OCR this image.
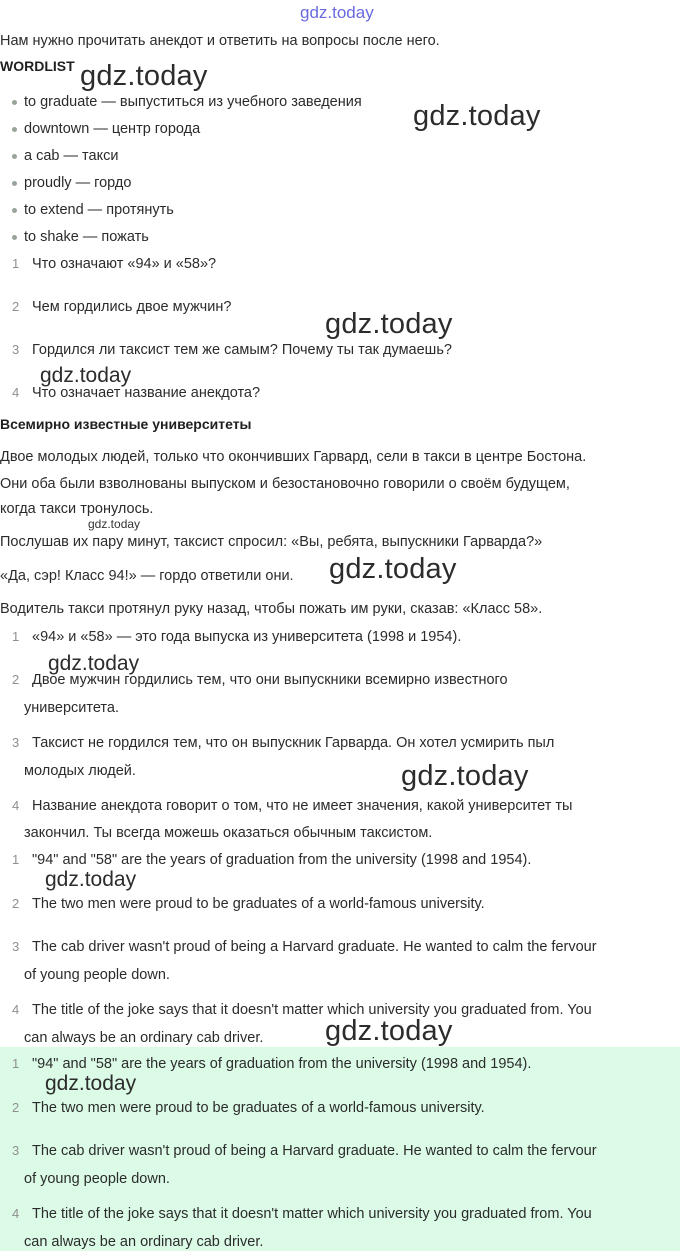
gdz.today
Нам нужно прочитать анекдот и ответить на вопросы после него.
WORDLIST
to graduate — выпуститься из учебного заведения
downtown — центр города
a cab — такси
proudly — гордо
to extend — протянуть
to shake — пожать
1 Что означают «94» и «58»?
2 Чем гордились двое мужчин?
3 Гордился ли таксист тем же самым? Почему ты так думаешь?
4 Что означает название анекдота?
Всемирно известные университеты
Двое молодых людей, только что окончивших Гарвард, сели в такси в центре Бостона.
Они оба были взволнованы выпуском и безостановочно говорили о своём будущем,
когда такси тронулось.
Послушав их пару минут, таксист спросил: «Вы, ребята, выпускники Гарварда?»
«Да, сэр! Класс 94!» — гордо ответили они.
Водитель такси протянул руку назад, чтобы пожать им руки, сказав: «Класс 58».
1 «94» и «58» — это года выпуска из университета (1998 и 1954).
2 Двое мужчин гордились тем, что они выпускники всемирно известного
университета.
3 Таксист не гордился тем, что он выпускник Гарварда. Он хотел усмирить пыл
молодых людей.
4 Название анекдота говорит о том, что не имеет значения, какой университет ты
закончил. Ты всегда можешь оказаться обычным таксистом.
1 "94" and "58" are the years of graduation from the university (1998 and 1954).
2 The two men were proud to be graduates of a world-famous university.
3 The cab driver wasn't proud of being a Harvard graduate. He wanted to calm the fervour
of young people down.
4 The title of the joke says that it doesn't matter which university you graduated from. You
can always be an ordinary cab driver.
1 "94" and "58" are the years of graduation from the university (1998 and 1954).
2 The two men were proud to be graduates of a world-famous university.
3 The cab driver wasn't proud of being a Harvard graduate. He wanted to calm the fervour
of young people down.
4 The title of the joke says that it doesn't matter which university you graduated from. You
can always be an ordinary cab driver.
gdz.today
gdz.today
gdz.today
gdz.today
gdz.today
gdz.today
gdz.today
gdz.today
gdz.today
gdz.today
gdz.today
